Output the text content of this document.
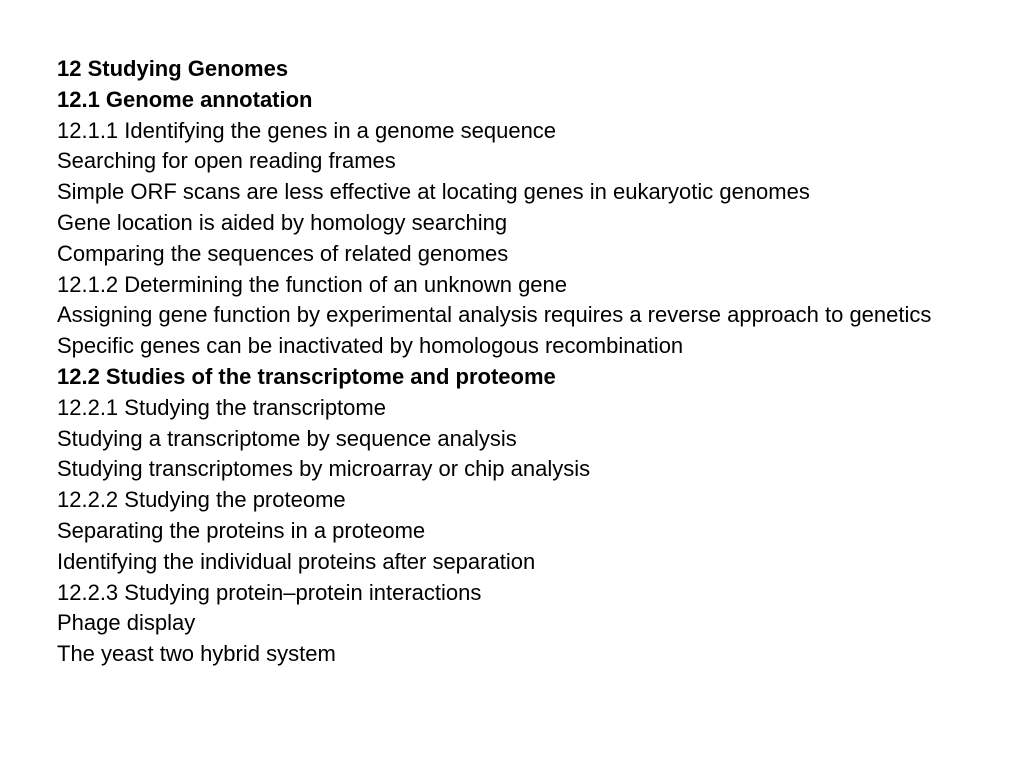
12 Studying Genomes
12.1 Genome annotation
12.1.1 Identifying the genes in a genome sequence
Searching for open reading frames
Simple ORF scans are less effective at locating genes in eukaryotic genomes
Gene location is aided by homology searching
Comparing the sequences of related genomes
12.1.2 Determining the function of an unknown gene
Assigning gene function by experimental analysis requires a reverse approach to genetics
Specific genes can be inactivated by homologous recombination
12.2 Studies of the transcriptome and proteome
12.2.1 Studying the transcriptome
Studying a transcriptome by sequence analysis
Studying transcriptomes by microarray or chip analysis
12.2.2 Studying the proteome
Separating the proteins in a proteome
Identifying the individual proteins after separation
12.2.3 Studying protein–protein interactions
Phage display
The yeast two hybrid system
